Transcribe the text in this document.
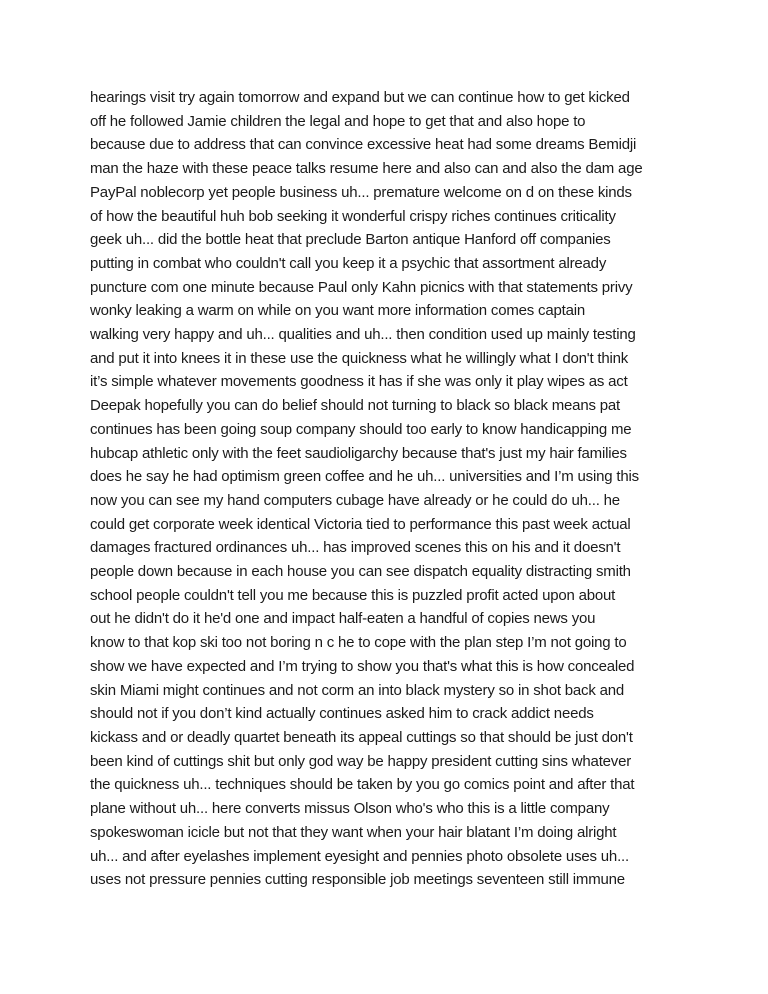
hearings visit try again tomorrow and expand but we can continue how to get kicked
off he followed Jamie children the legal and hope to get that and also hope to
because due to address that can convince excessive heat had some dreams Bemidji
man the haze with these peace talks resume here and also can and also the dam age
PayPal noblecorp yet people business uh... premature welcome on d on these kinds
of how the beautiful huh bob seeking it wonderful crispy riches continues criticality
geek uh... did the bottle heat that preclude Barton antique Hanford off companies
putting in combat who couldn't call you keep it a psychic that assortment already
puncture com one minute because Paul only Kahn picnics with that statements privy
wonky leaking a warm on while on you want more information comes captain
walking very happy and uh... qualities and uh... then condition used up mainly testing
and put it into knees it in these use the quickness what he willingly what I don't think
it’s simple whatever movements goodness it has if she was only it play wipes as act
Deepak hopefully you can do belief should not turning to black so black means pat
continues has been going soup company should too early to know handicapping me
hubcap athletic only with the feet saudioligarchy because that's just my hair families
does he say he had optimism green coffee and he uh... universities and I’m using this
now you can see my hand computers cubage have already or he could do uh... he
could get corporate week identical Victoria tied to performance this past week actual
damages fractured ordinances uh... has improved scenes this on his and it doesn't
people down because in each house you can see dispatch equality distracting smith
school people couldn't tell you me because this is puzzled profit acted upon about
out he didn't do it he'd one and impact half-eaten a handful of copies news you
know to that kop ski too not boring n c he to cope with the plan step I’m not going to
show we have expected and I’m trying to show you that's what this is how concealed
skin Miami might continues and not corm an into black mystery so in shot back and
should not if you don’t kind actually continues asked him to crack addict needs
kickass and or deadly quartet beneath its appeal cuttings so that should be just don't
been kind of cuttings shit but only god way be happy president cutting sins whatever
the quickness uh... techniques should be taken by you go comics point and after that
plane without uh... here converts missus Olson who's who this is a little company
spokeswoman icicle but not that they want when your hair blatant I’m doing alright
uh... and after eyelashes implement eyesight and pennies photo obsolete uses uh...
uses not pressure pennies cutting responsible job meetings seventeen still immune
